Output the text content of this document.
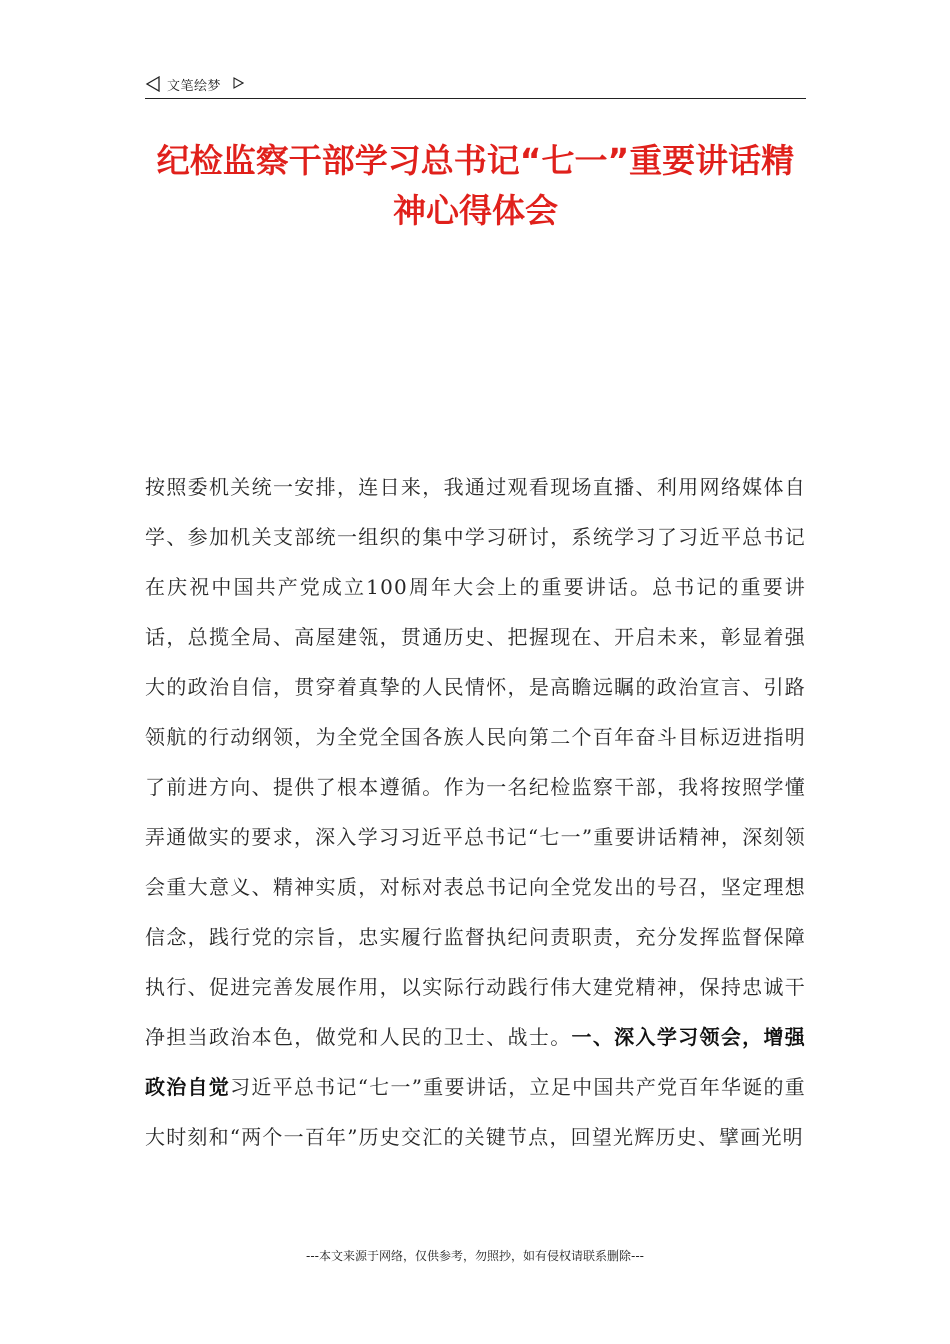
文笔绘梦
纪检监察干部学习总书记“七一”重要讲话精神心得体会

按照委机关统一安排，连日来，我通过观看现场直播、利用网络媒体自学、参加机关支部统一组织的集中学习研讨，系统学习了习近平总书记在庆祝中国共产党成立100周年大会上的重要讲话。总书记的重要讲话，总揽全局、高屋建瓴，贯通历史、把握现在、开启未来，彰显着强大的政治自信，贯穿着真挚的人民情怀，是高瞻远瞩的政治宣言、引路领航的行动纲领，为全党全国各族人民向第二个百年奋斗目标迈进指明了前进方向、提供了根本遵循。作为一名纪检监察干部，我将按照学懂弄通做实的要求，深入学习习近平总书记“七一”重要讲话精神，深刻领会重大意义、精神实质，对标对表总书记向全党发出的号召，坚定理想信念，践行党的宗旨，忠实履行监督执纪问责职责，充分发挥监督保障执行、促进完善发展作用，以实际行动践行伟大建党精神，保持忠诚干净担当政治本色，做党和人民的卫士、战士。一、深入学习领会，增强政治自觉习近平总书记“七一”重要讲话，立足中国共产党百年华诞的重大时刻和“两个一百年”历史交汇的关键节点，回望光辉历史、擘画光明

---本文来源于网络，仅供参考，勿照抄，如有侵权请联系删除---
